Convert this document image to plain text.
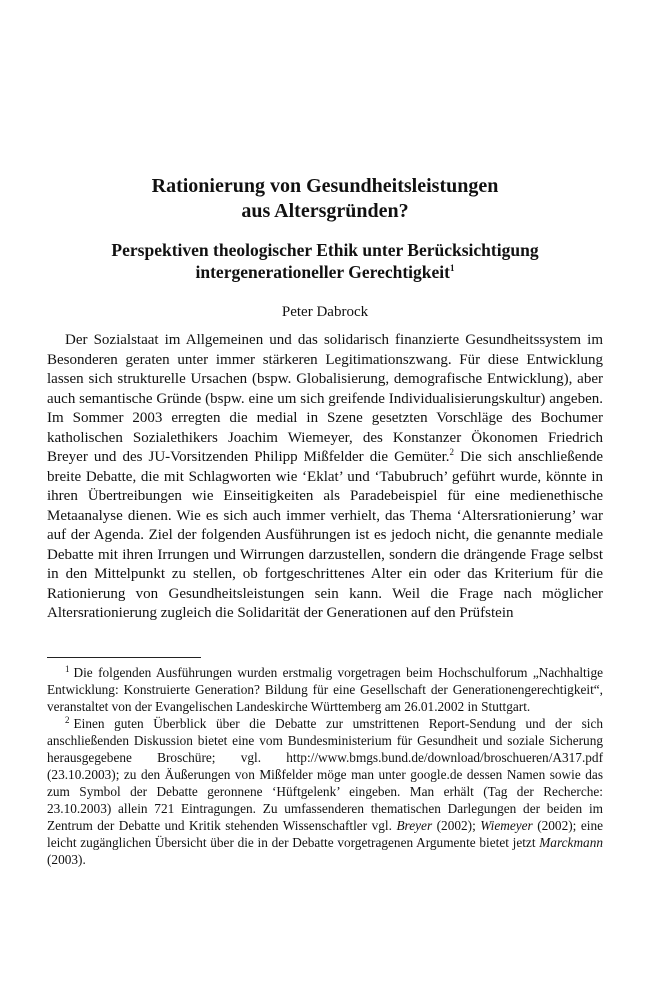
Rationierung von Gesundheitsleistungen
aus Altersgründen?
Perspektiven theologischer Ethik unter Berücksichtigung
intergenerationeller Gerechtigkeit$^1$
Peter Dabrock

Der Sozialstaat im Allgemeinen und das solidarisch finanzierte Gesundheitssystem im Besonderen geraten unter immer stärkeren Legitimationszwang. Für diese Entwicklung lassen sich strukturelle Ursachen (bspw. Globalisierung, demografische Entwicklung), aber auch semantische Gründe (bspw. eine um sich greifende Individualisierungskultur) angeben. Im Sommer 2003 erregten die medial in Szene gesetzten Vorschläge des Bochumer katholischen Sozialethikers Joachim Wiemeyer, des Konstanzer Ökonomen Friedrich Breyer und des JU-Vorsitzenden Philipp Mißfelder die Gemüter.$^2$ Die sich anschließende breite Debatte, die mit Schlagworten wie ‘Eklat’ und ‘Tabubruch’ geführt wurde, könnte in ihren Übertreibungen wie Einseitigkeiten als Paradebeispiel für eine medienethische Metaanalyse dienen. Wie es sich auch immer verhielt, das Thema ‘Altersrationierung’ war auf der Agenda. Ziel der folgenden Ausführungen ist es jedoch nicht, die genannte mediale Debatte mit ihren Irrungen und Wirrungen darzustellen, sondern die drängende Frage selbst in den Mittelpunkt zu stellen, ob fortgeschrittenes Alter ein oder das Kriterium für die Rationierung von Gesundheitsleistungen sein kann. Weil die Frage nach möglicher Altersrationierung zugleich die Solidarität der Generationen auf den Prüfstein

$^1$ Die folgenden Ausführungen wurden erstmalig vorgetragen beim Hochschulforum „Nachhaltige Entwicklung: Konstruierte Generation? Bildung für eine Gesellschaft der Generationengerechtigkeit“, veranstaltet von der Evangelischen Landeskirche Württemberg am 26.01.2002 in Stuttgart.

$^2$ Einen guten Überblick über die Debatte zur umstrittenen Report-Sendung und der sich anschließenden Diskussion bietet eine vom Bundesministerium für Gesundheit und soziale Sicherung herausgegebene Broschüre; vgl. http://www.bmgs.bund.de/download/broschueren/A317.pdf (23.10.2003); zu den Äußerungen von Mißfelder möge man unter google.de dessen Namen sowie das zum Symbol der Debatte geronnene ‘Hüftgelenk’ eingeben. Man erhält (Tag der Recherche: 23.10.2003) allein 721 Eintragungen. Zu umfassenderen thematischen Darlegungen der beiden im Zentrum der Debatte und Kritik stehenden Wissenschaftler vgl. Breyer (2002); Wiemeyer (2002); eine leicht zugänglichen Übersicht über die in der Debatte vorgetragenen Argumente bietet jetzt Marckmann (2003).
